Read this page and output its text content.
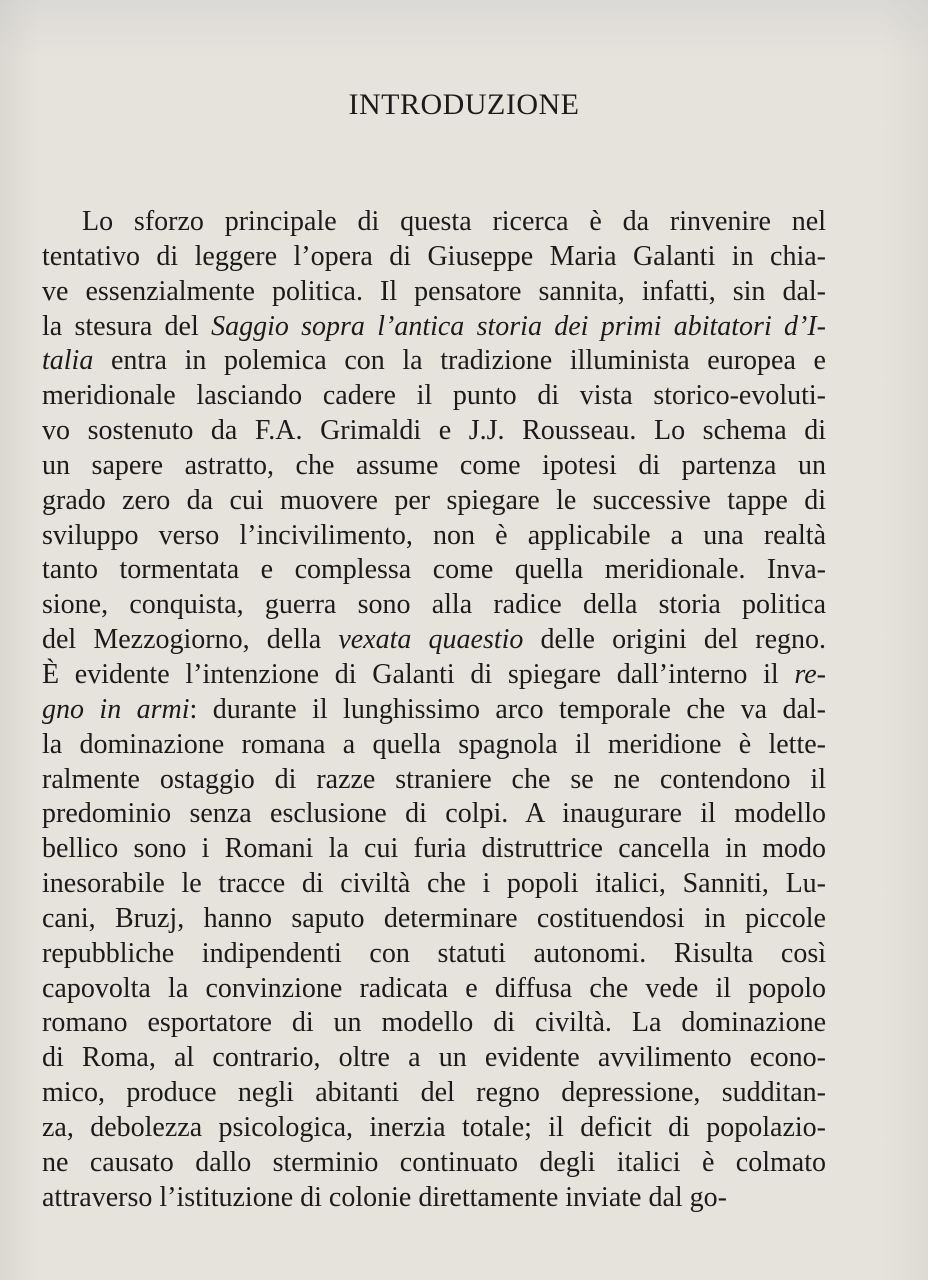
INTRODUZIONE
Lo sforzo principale di questa ricerca è da rinvenire nel
tentativo di leggere l’opera di Giuseppe Maria Galanti in chia-
ve essenzialmente politica. Il pensatore sannita, infatti, sin dal-
la stesura del Saggio sopra l’antica storia dei primi abitatori d’I-
talia entra in polemica con la tradizione illuminista europea e
meridionale lasciando cadere il punto di vista storico-evoluti-
vo sostenuto da F.A. Grimaldi e J.J. Rousseau. Lo schema di
un sapere astratto, che assume come ipotesi di partenza un
grado zero da cui muovere per spiegare le successive tappe di
sviluppo verso l’incivilimento, non è applicabile a una realtà
tanto tormentata e complessa come quella meridionale. Inva-
sione, conquista, guerra sono alla radice della storia politica
del Mezzogiorno, della vexata quaestio delle origini del regno.
È evidente l’intenzione di Galanti di spiegare dall’interno il re-
gno in armi: durante il lunghissimo arco temporale che va dal-
la dominazione romana a quella spagnola il meridione è lette-
ralmente ostaggio di razze straniere che se ne contendono il
predominio senza esclusione di colpi. A inaugurare il modello
bellico sono i Romani la cui furia distruttrice cancella in modo
inesorabile le tracce di civiltà che i popoli italici, Sanniti, Lu-
cani, Bruzj, hanno saputo determinare costituendosi in piccole
repubbliche indipendenti con statuti autonomi. Risulta così
capovolta la convinzione radicata e diffusa che vede il popolo
romano esportatore di un modello di civiltà. La dominazione
di Roma, al contrario, oltre a un evidente avvilimento econo-
mico, produce negli abitanti del regno depressione, sudditan-
za, debolezza psicologica, inerzia totale; il deficit di popolazio-
ne causato dallo sterminio continuato degli italici è colmato
attraverso l’istituzione di colonie direttamente inviate dal go-
